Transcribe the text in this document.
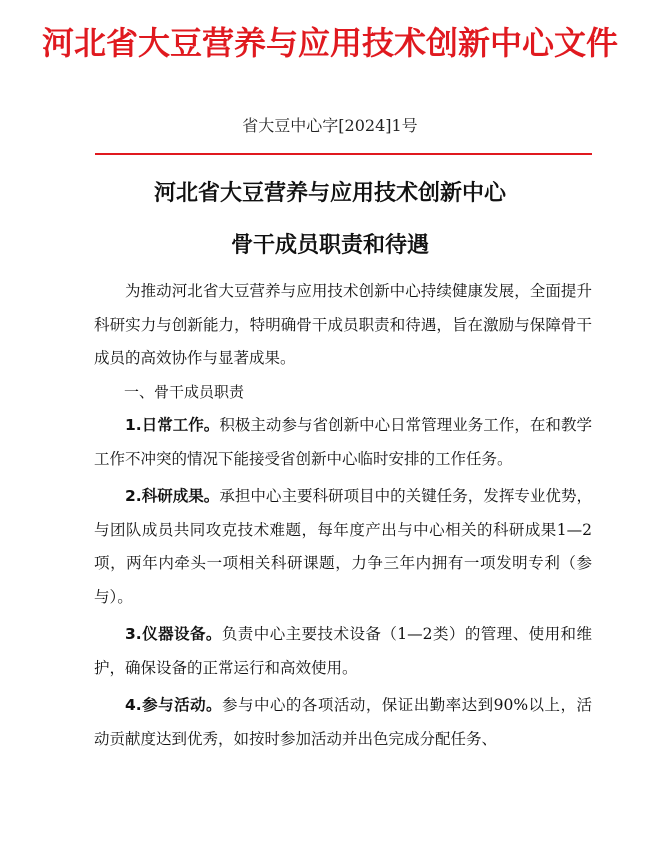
河北省大豆营养与应用技术创新中心文件
省大豆中心字[2024]1号
河北省大豆营养与应用技术创新中心
骨干成员职责和待遇

为推动河北省大豆营养与应用技术创新中心持续健康发展，全面提升科研实力与创新能力，特明确骨干成员职责和待遇，旨在激励与保障骨干成员的高效协作与显著成果。

一、骨干成员职责

1.日常工作。积极主动参与省创新中心日常管理业务工作，在和教学工作不冲突的情况下能接受省创新中心临时安排的工作任务。

2.科研成果。承担中心主要科研项目中的关键任务，发挥专业优势，与团队成员共同攻克技术难题，每年度产出与中心相关的科研成果1—2项，两年内牵头一项相关科研课题，力争三年内拥有一项发明专利（参与）。

3.仪器设备。负责中心主要技术设备（1—2类）的管理、使用和维护，确保设备的正常运行和高效使用。

4.参与活动。参与中心的各项活动，保证出勤率达到90%以上，活动贡献度达到优秀，如按时参加活动并出色完成分配任务、
